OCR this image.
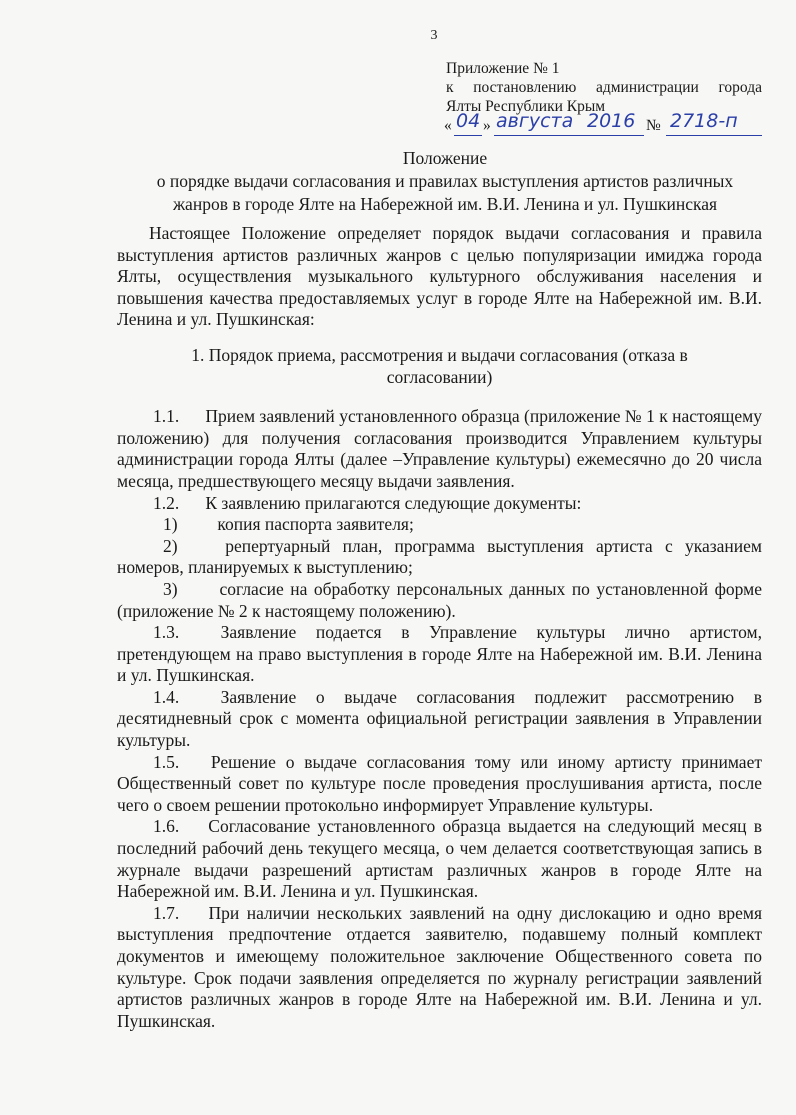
3
Приложение № 1
к постановлению администрации города
Ялты Республики Крым
« 04 » августа 2016 № 2718-п
Положение
о порядке выдачи согласования и правилах выступления артистов различных
жанров в городе Ялте на Набережной им. В.И. Ленина и ул. Пушкинская

Настоящее Положение определяет порядок выдачи согласования и правила выступления артистов различных жанров с целью популяризации имиджа города Ялты, осуществления музыкального культурного обслуживания населения и повышения качества предоставляемых услуг в городе Ялте на Набережной им. В.И. Ленина и ул. Пушкинская:

1. Порядок приема, рассмотрения и выдачи согласования (отказа в
согласовании)

1.1. Прием заявлений установленного образца (приложение № 1 к настоящему положению) для получения согласования производится Управлением культуры администрации города Ялты (далее –Управление культуры) ежемесячно до 20 числа месяца, предшествующего месяцу выдачи заявления.

1.2. К заявлению прилагаются следующие документы:

1) копия паспорта заявителя;

2)	репертуарный план, программа выступления артиста с указанием номеров, планируемых к выступлению;

3) согласие на обработку персональных данных по установленной форме (приложение № 2 к настоящему положению).

1.3. Заявление подается в Управление культуры лично артистом, претендующем на право выступления в городе Ялте на Набережной им. В.И. Ленина и ул. Пушкинская.

1.4. Заявление о выдаче согласования подлежит рассмотрению в десятидневный срок с момента официальной регистрации заявления в Управлении культуры.

1.5. Решение о выдаче согласования тому или иному артисту принимает Общественный совет по культуре после проведения прослушивания артиста, после чего о своем решении протокольно информирует Управление культуры.

1.6. Согласование установленного образца выдается на следующий месяц в последний рабочий день текущего месяца, о чем делается соответствующая запись в журнале выдачи разрешений артистам различных жанров в городе Ялте на Набережной им. В.И. Ленина и ул. Пушкинская.

1.7. При наличии нескольких заявлений на одну дислокацию и одно время выступления предпочтение отдается заявителю, подавшему полный комплект документов и имеющему положительное заключение Общественного совета по культуре. Срок подачи заявления определяется по журналу регистрации заявлений артистов различных жанров в городе Ялте на Набережной им. В.И. Ленина и ул. Пушкинская.
